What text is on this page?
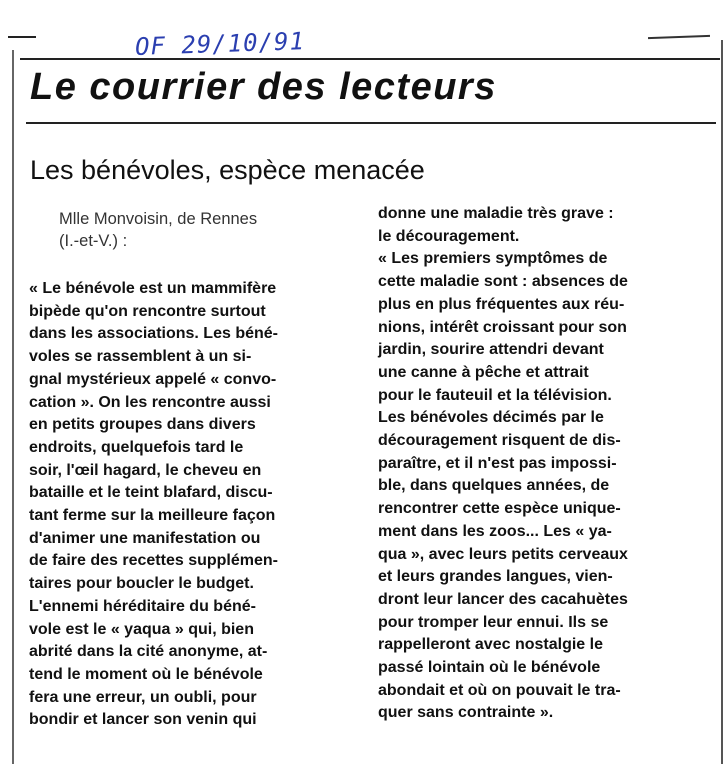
OF 29/10/91
Le courrier des lecteurs
Les bénévoles, espèce menacée
Mlle Monvoisin, de Rennes
(I.-et-V.) :
« Le bénévole est un mammifère
bipède qu'on rencontre surtout
dans les associations. Les béné-
voles se rassemblent à un si-
gnal mystérieux appelé « convo-
cation ». On les rencontre aussi
en petits groupes dans divers
endroits, quelquefois tard le
soir, l'œil hagard, le cheveu en
bataille et le teint blafard, discu-
tant ferme sur la meilleure façon
d'animer une manifestation ou
de faire des recettes supplémen-
taires pour boucler le budget.
L'ennemi héréditaire du béné-
vole est le « yaqua » qui, bien
abrité dans la cité anonyme, at-
tend le moment où le bénévole
fera une erreur, un oubli, pour
bondir et lancer son venin qui
donne une maladie très grave :
le découragement.
« Les premiers symptômes de
cette maladie sont : absences de
plus en plus fréquentes aux réu-
nions, intérêt croissant pour son
jardin, sourire attendri devant
une canne à pêche et attrait
pour le fauteuil et la télévision.
Les bénévoles décimés par le
découragement risquent de dis-
paraître, et il n'est pas impossi-
ble, dans quelques années, de
rencontrer cette espèce unique-
ment dans les zoos... Les « ya-
qua », avec leurs petits cerveaux
et leurs grandes langues, vien-
dront leur lancer des cacahuètes
pour tromper leur ennui. Ils se
rappelleront avec nostalgie le
passé lointain où le bénévole
abondait et où on pouvait le tra-
quer sans contrainte ».
